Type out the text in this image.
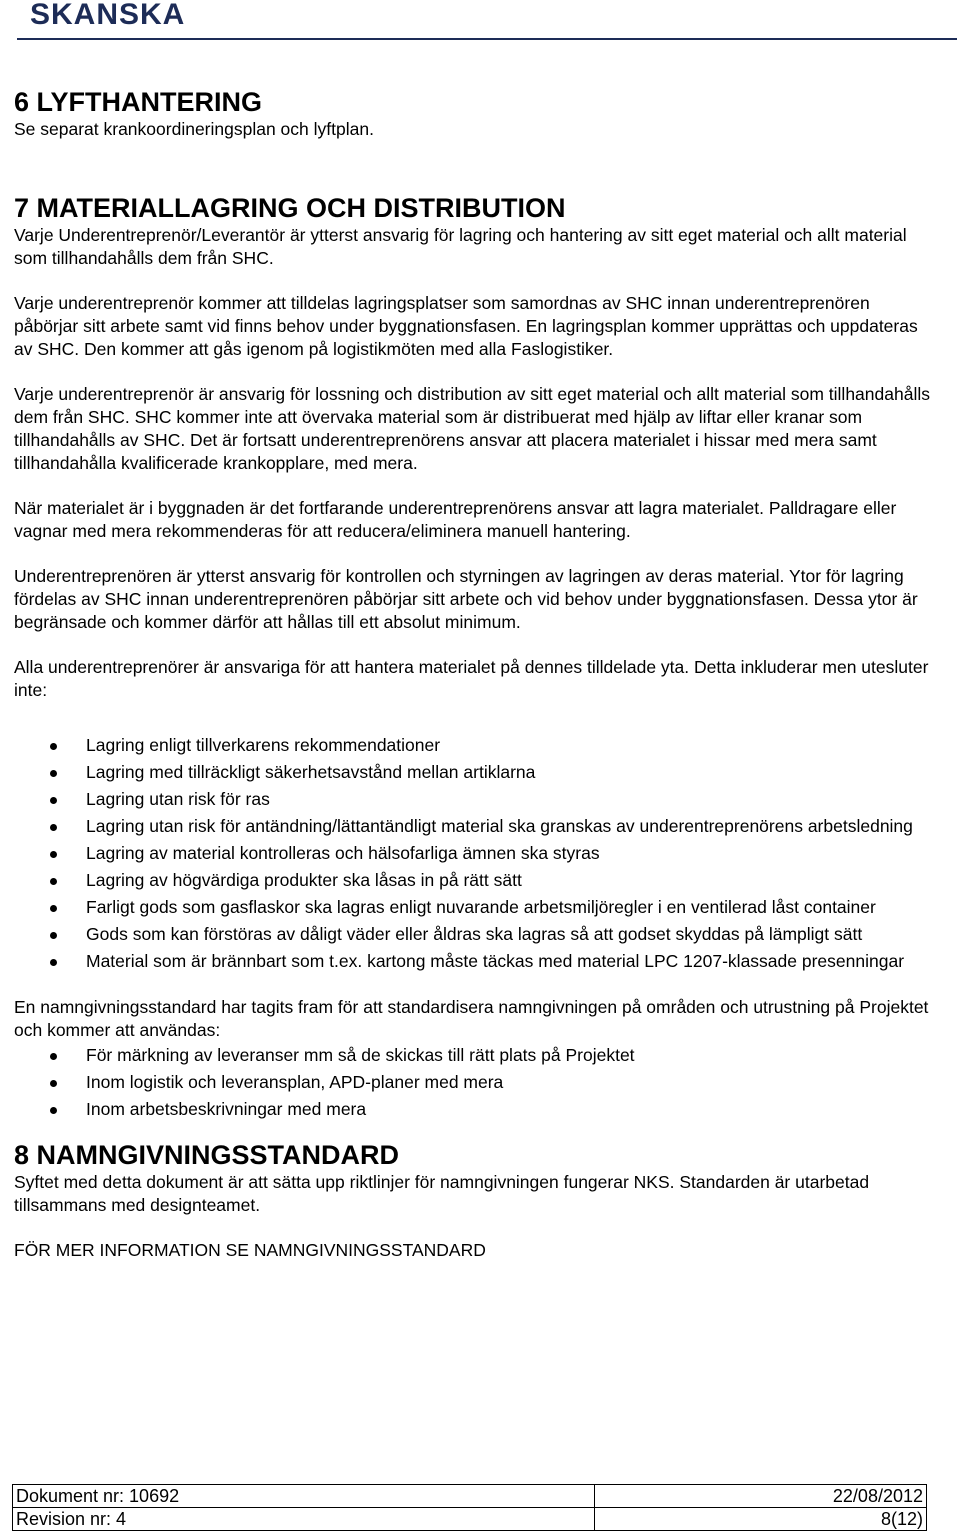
SKANSKA
6 LYFTHANTERING

Se separat krankoordineringsplan och lyftplan.

7 MATERIALLAGRING OCH DISTRIBUTION

Varje Underentreprenör/Leverantör är ytterst ansvarig för lagring och hantering av sitt eget material och allt material som tillhandahålls dem från SHC.

Varje underentreprenör kommer att tilldelas lagringsplatser som samordnas av SHC innan underentreprenören påbörjar sitt arbete samt vid finns behov under byggnationsfasen. En lagringsplan kommer upprättas och uppdateras av SHC. Den kommer att gås igenom på logistikmöten med alla Faslogistiker.

Varje underentreprenör är ansvarig för lossning och distribution av sitt eget material och allt material som tillhandahålls dem från SHC. SHC kommer inte att övervaka material som är distribuerat med hjälp av liftar eller kranar som tillhandahålls av SHC. Det är fortsatt underentreprenörens ansvar att placera materialet i hissar med mera samt tillhandahålla kvalificerade krankopplare, med mera.

När materialet är i byggnaden är det fortfarande underentreprenörens ansvar att lagra materialet. Palldragare eller vagnar med mera rekommenderas för att reducera/eliminera manuell hantering.

Underentreprenören är ytterst ansvarig för kontrollen och styrningen av lagringen av deras material. Ytor för lagring fördelas av SHC innan underentreprenören påbörjar sitt arbete och vid behov under byggnationsfasen. Dessa ytor är begränsade och kommer därför att hållas till ett absolut minimum.

Alla underentreprenörer är ansvariga för att hantera materialet på dennes tilldelade yta. Detta inkluderar men utesluter inte:

Lagring enligt tillverkarens rekommendationer
Lagring med tillräckligt säkerhetsavstånd mellan artiklarna
Lagring utan risk för ras
Lagring utan risk för antändning/lättantändligt material ska granskas av underentreprenörens arbetsledning
Lagring av material kontrolleras och hälsofarliga ämnen ska styras
Lagring av högvärdiga produkter ska låsas in på rätt sätt
Farligt gods som gasflaskor ska lagras enligt nuvarande arbetsmiljöregler i en ventilerad låst container
Gods som kan förstöras av dåligt väder eller åldras ska lagras så att godset skyddas på lämpligt sätt
Material som är brännbart som t.ex. kartong måste täckas med material LPC 1207-klassade presenningar

En namngivningsstandard har tagits fram för att standardisera namngivningen på områden och utrustning på Projektet och kommer att användas:

För märkning av leveranser mm så de skickas till rätt plats på Projektet
Inom logistik och leveransplan, APD-planer med mera
Inom arbetsbeskrivningar med mera
8 NAMNGIVNINGSSTANDARD

Syftet med detta dokument är att sätta upp riktlinjer för namngivningen fungerar NKS. Standarden är utarbetad tillsammans med designteamet.

FÖR MER INFORMATION SE NAMNGIVNINGSSTANDARD

Dokument nr: 10692	22/08/2012
Revision nr: 4	8(12)
